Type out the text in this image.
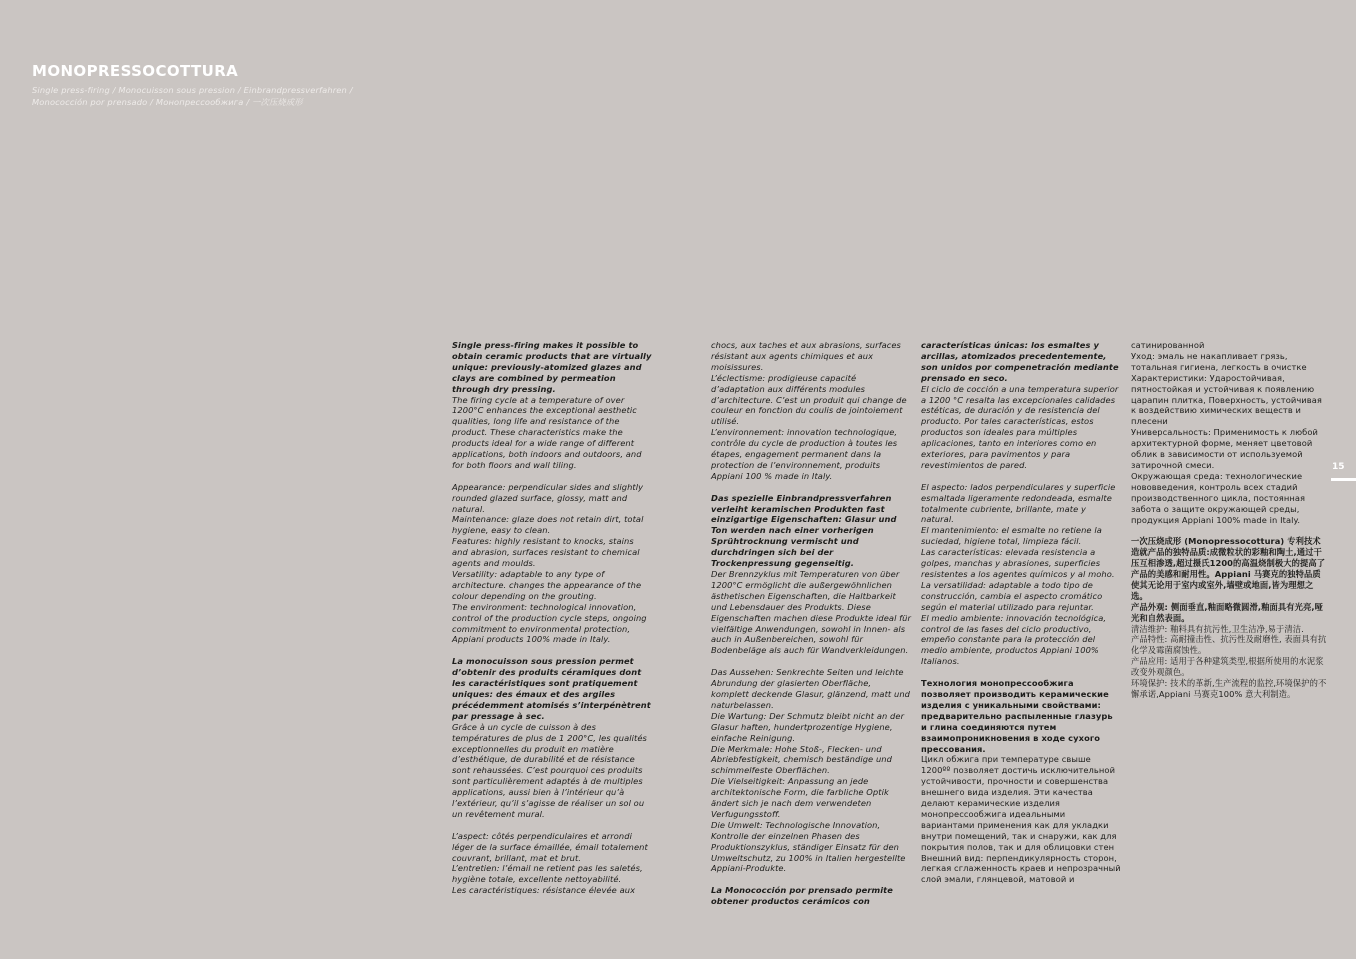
MONOPRESSOCOTTURA
Single press-firing / Monocuisson sous pression / Einbrandpressverfahren /
Monococción por prensado / Монопрессообжига / 一次压烧成形

Single press-firing makes it possible to obtain ceramic products that are virtually unique: previously-atomized glazes and clays are combined by permeation through dry pressing.

The firing cycle at a temperature of over 1200°C enhances the exceptional aesthetic qualities, long life and resistance of the product. These characteristics make the products ideal for a wide range of different applications, both indoors and outdoors, and for both floors and wall tiling.

Appearance: perpendicular sides and slightly rounded glazed surface, glossy, matt and natural.

Maintenance: glaze does not retain dirt, total hygiene, easy to clean.

Features: highly resistant to knocks, stains and abrasion, surfaces resistant to chemical agents and moulds.

Versatility: adaptable to any type of architecture. changes the appearance of the colour depending on the grouting.

The environment: technological innovation, control of the production cycle steps, ongoing commitment to environmental protection, Appiani products 100% made in Italy.

La monocuisson sous pression permet d’obtenir des produits céramiques dont les caractéristiques sont pratiquement uniques: des émaux et des argiles précédemment atomisés s’interpénètrent par pressage à sec.

Grâce à un cycle de cuisson à des températures de plus de 1 200°C, les qualités exceptionnelles du produit en matière d’esthétique, de durabilité et de résistance sont rehaussées. C’est pourquoi ces produits sont particulièrement adaptés à de multiples applications, aussi bien à l’intérieur qu’à l’extérieur, qu’il s’agisse de réaliser un sol ou un revêtement mural.

L’aspect: côtés perpendiculaires et arrondi léger de la surface émaillée, émail totalement couvrant, brillant, mat et brut.

L’entretien: l’émail ne retient pas les saletés, hygiène totale, excellente nettoyabilité.

Les caractéristiques: résistance élevée aux

chocs, aux taches et aux abrasions, surfaces résistant aux agents chimiques et aux moisissures.

L’éclectisme: prodigieuse capacité d’adaptation aux différents modules d’architecture. C’est un produit qui change de couleur en fonction du coulis de jointoiement utilisé.

L’environnement: innovation technologique, contrôle du cycle de production à toutes les étapes, engagement permanent dans la protection de l’environnement, produits Appiani 100 % made in Italy.

Das spezielle Einbrandpressverfahren verleiht keramischen Produkten fast einzigartige Eigenschaften: Glasur und Ton werden nach einer vorherigen Sprühtrocknung vermischt und durchdringen sich bei der Trockenpressung gegenseitig.

Der Brennzyklus mit Temperaturen von über 1200°C ermöglicht die außergewöhnlichen ästhetischen Eigenschaften, die Haltbarkeit und Lebensdauer des Produkts. Diese Eigenschaften machen diese Produkte ideal für vielfältige Anwendungen, sowohl in Innen- als auch in Außenbereichen, sowohl für Bodenbeläge als auch für Wandverkleidungen.

Das Aussehen: Senkrechte Seiten und leichte Abrundung der glasierten Oberfläche, komplett deckende Glasur, glänzend, matt und naturbelassen.

Die Wartung: Der Schmutz bleibt nicht an der Glasur haften, hundertprozentige Hygiene, einfache Reinigung.

Die Merkmale: Hohe Stoß-, Flecken- und Abriebfestigkeit, chemisch beständige und schimmelfeste Oberflächen.

Die Vielseitigkeit: Anpassung an jede architektonische Form, die farbliche Optik ändert sich je nach dem verwendeten Verfugungsstoff.

Die Umwelt: Technologische Innovation, Kontrolle der einzelnen Phasen des Produktionszyklus, ständiger Einsatz für den Umweltschutz, zu 100% in Italien hergestellte Appiani-Produkte.

La Monococción por prensado permite obtener productos cerámicos con

características únicas: los esmaltes y arcillas, atomizados precedentemente, son unidos por compenetración mediante prensado en seco.

El ciclo de cocción a una temperatura superior a 1200 °C resalta las excepcionales calidades estéticas, de duración y de resistencia del producto. Por tales características, estos productos son ideales para múltiples aplicaciones, tanto en interiores como en exteriores, para pavimentos y para revestimientos de pared.

El aspecto: lados perpendiculares y superficie esmaltada ligeramente redondeada, esmalte totalmente cubriente, brillante, mate y natural.

El mantenimiento: el esmalte no retiene la suciedad, higiene total, limpieza fácil.

Las características: elevada resistencia a golpes, manchas y abrasiones, superficies resistentes a los agentes químicos y al moho.

La versatilidad: adaptable a todo tipo de construcción, cambia el aspecto cromático según el material utilizado para rejuntar.

El medio ambiente: innovación tecnológica, control de las fases del ciclo productivo, empeño constante para la protección del medio ambiente, productos Appiani 100% Italianos.

Технология монопрессообжига позволяет производить керамические изделия с уникальными свойствами: предварительно распыленные глазурь и глина соединяются путем взаимопроникновения в ходе сухого прессования.

Цикл обжига при температуре свыше 1200ºº позволяет достичь исключительной устойчивости, прочности и совершенства внешнего вида изделия. Эти качества делают керамические изделия монопрессообжига идеальными вариантами применения как для укладки внутри помещений, так и снаружи, как для покрытия полов, так и для облицовки стен

Внешний вид: перпендикулярность сторон, легкая сглаженность краев и непрозрачный слой эмали, глянцевой, матовой и

сатинированной

Уход: эмаль не накапливает грязь, тотальная гигиена, легкость в очистке

Характеристики: Ударостойчивая, пятностойкая и устойчивая к появлению царапин плитка, Поверхность, устойчивая к воздействию химических веществ и плесени

Универсальность: Применимость к любой архитектурной форме, меняет цветовой облик в зависимости от используемой затирочной смеси.

Окружающая среда: технологические нововведения, контроль всех стадий производственного цикла, постоянная забота о защите окружающей среды, продукция Appiani 100% made in Italy.

一次压烧成形 (Monopressocottura) 专利技术造就产品的独特品质:成微粒状的彩釉和陶土,通过干压互相渗透,超过摄氏1200的高温烧制极大的提高了产品的美感和耐用性。Appiani 马赛克的独特品质使其无论用于室内或室外,墙壁或地面,皆为理想之选。

产品外观: 侧面垂直,釉面略微圆滑,釉面具有光亮,哑光和自然表面。

清洁维护: 釉料具有抗污性,卫生洁净,易于清洁.

产品特性: 高耐撞击性、抗污性及耐磨性, 表面具有抗化学及霉菌腐蚀性。

产品应用: 适用于各种建筑类型,根据所使用的水泥浆改变外观颜色。

环境保护: 技术的革新,生产流程的监控,环境保护的不懈承诺,Appiani 马赛克100% 意大利制造。

15
